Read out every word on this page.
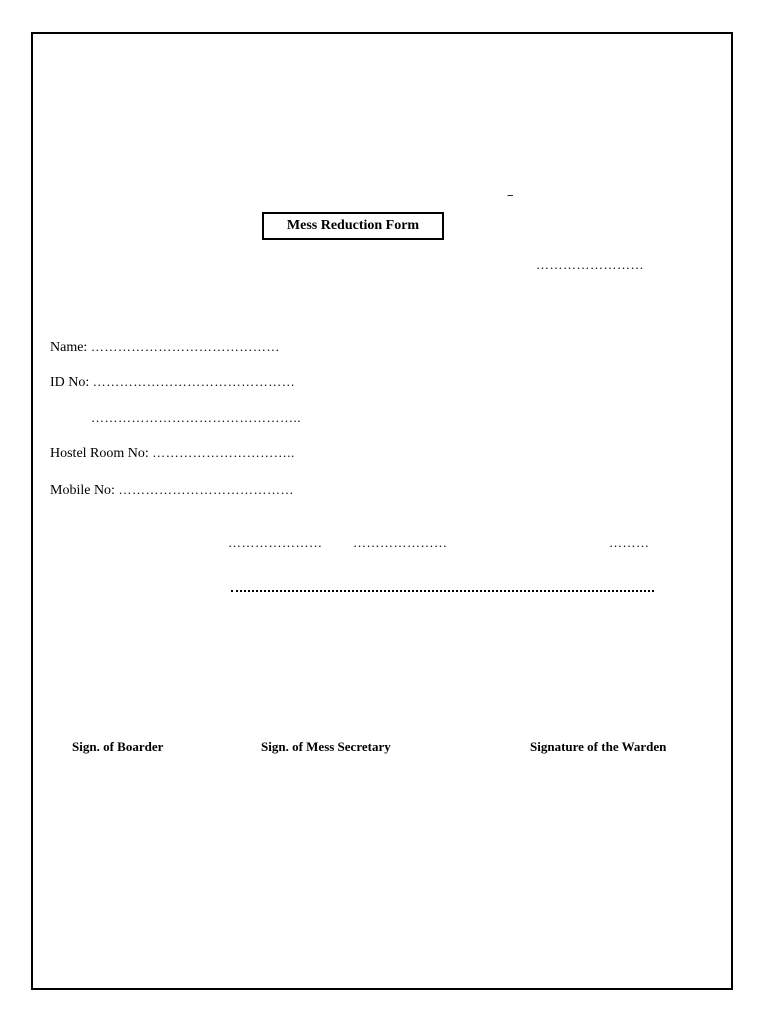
–
Mess Reduction Form
……………………
Name: ……………………………………
ID No: ………………………………………
………………………………………..
Hostel Room No: …………………………..
Mobile No: …………………………………
………………… …………………	………
Sign. of Boarder	Sign. of Mess Secretary	Signature of the Warden
